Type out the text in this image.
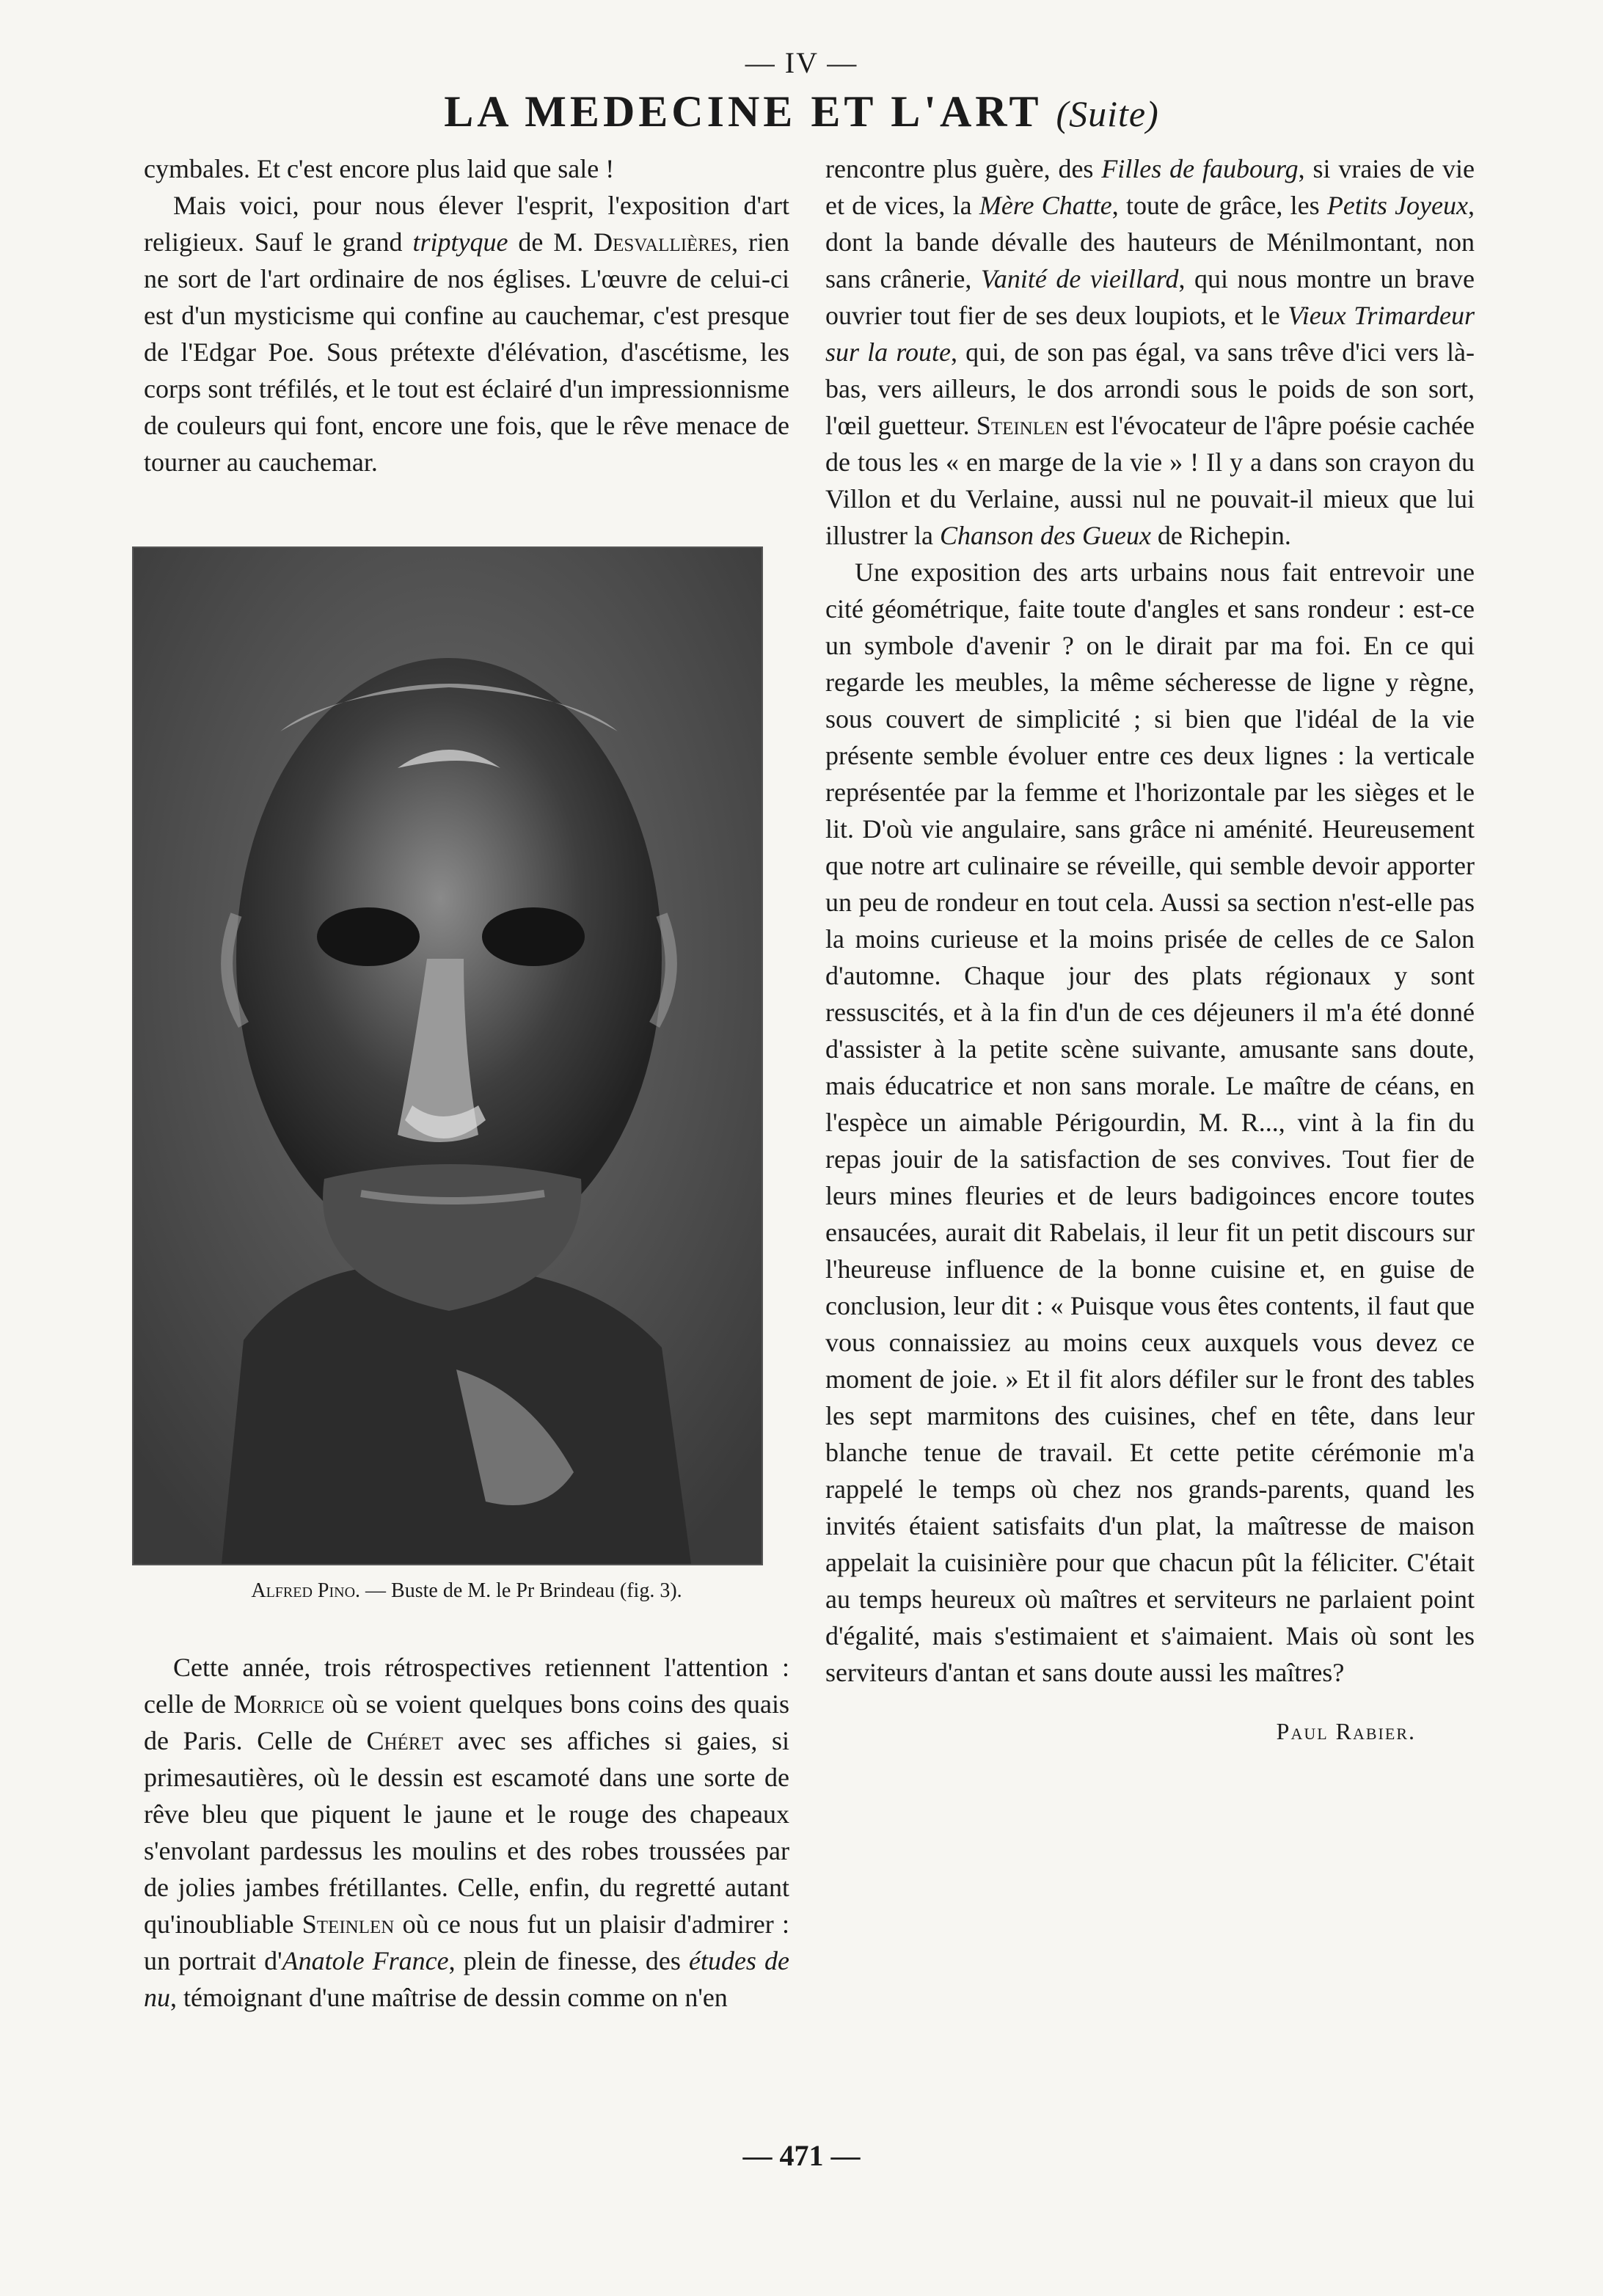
— IV —
LA MEDECINE ET L'ART (Suite)

cymbales. Et c'est encore plus laid que sale !

Mais voici, pour nous élever l'esprit, l'exposition d'art religieux. Sauf le grand triptyque de M. Desvallières, rien ne sort de l'art ordinaire de nos églises. L'œuvre de celui-ci est d'un mysticisme qui confine au cauchemar, c'est presque de l'Edgar Poe. Sous prétexte d'élévation, d'ascétisme, les corps sont tréfilés, et le tout est éclairé d'un impressionnisme de couleurs qui font, encore une fois, que le rêve menace de tourner au cauchemar.

Alfred Pino. — Buste de M. le Pr Brindeau (fig. 3).

Cette année, trois rétrospectives retiennent l'attention : celle de Morrice où se voient quelques bons coins des quais de Paris. Celle de Chéret avec ses affiches si gaies, si primesautières, où le dessin est escamoté dans une sorte de rêve bleu que piquent le jaune et le rouge des chapeaux s'envolant pardessus les moulins et des robes troussées par de jolies jambes frétillantes. Celle, enfin, du regretté autant qu'inoubliable Steinlen où ce nous fut un plaisir d'admirer : un portrait d'Anatole France, plein de finesse, des études de nu, témoignant d'une maîtrise de dessin comme on n'en

rencontre plus guère, des Filles de faubourg, si vraies de vie et de vices, la Mère Chatte, toute de grâce, les Petits Joyeux, dont la bande dévalle des hauteurs de Ménilmontant, non sans crânerie, Vanité de vieillard, qui nous montre un brave ouvrier tout fier de ses deux loupiots, et le Vieux Trimardeur sur la route, qui, de son pas égal, va sans trêve d'ici vers là-bas, vers ailleurs, le dos arrondi sous le poids de son sort, l'œil guetteur. Steinlen est l'évocateur de l'âpre poésie cachée de tous les « en marge de la vie » ! Il y a dans son crayon du Villon et du Verlaine, aussi nul ne pouvait-il mieux que lui illustrer la Chanson des Gueux de Richepin.

Une exposition des arts urbains nous fait entrevoir une cité géométrique, faite toute d'angles et sans rondeur : est-ce un symbole d'avenir ? on le dirait par ma foi. En ce qui regarde les meubles, la même sécheresse de ligne y règne, sous couvert de simplicité ; si bien que l'idéal de la vie présente semble évoluer entre ces deux lignes : la verticale représentée par la femme et l'horizontale par les sièges et le lit. D'où vie angulaire, sans grâce ni aménité. Heureusement que notre art culinaire se réveille, qui semble devoir apporter un peu de rondeur en tout cela. Aussi sa section n'est-elle pas la moins curieuse et la moins prisée de celles de ce Salon d'automne. Chaque jour des plats régionaux y sont ressuscités, et à la fin d'un de ces déjeuners il m'a été donné d'assister à la petite scène suivante, amusante sans doute, mais éducatrice et non sans morale. Le maître de céans, en l'espèce un aimable Périgourdin, M. R..., vint à la fin du repas jouir de la satisfaction de ses convives. Tout fier de leurs mines fleuries et de leurs badigoinces encore toutes ensaucées, aurait dit Rabelais, il leur fit un petit discours sur l'heureuse influence de la bonne cuisine et, en guise de conclusion, leur dit : « Puisque vous êtes contents, il faut que vous connaissiez au moins ceux auxquels vous devez ce moment de joie. » Et il fit alors défiler sur le front des tables les sept marmitons des cuisines, chef en tête, dans leur blanche tenue de travail. Et cette petite cérémonie m'a rappelé le temps où chez nos grands-parents, quand les invités étaient satisfaits d'un plat, la maîtresse de maison appelait la cuisinière pour que chacun pût la féliciter. C'était au temps heureux où maîtres et serviteurs ne parlaient point d'égalité, mais s'estimaient et s'aimaient. Mais où sont les serviteurs d'antan et sans doute aussi les maîtres?

Paul Rabier.
— 471 —
